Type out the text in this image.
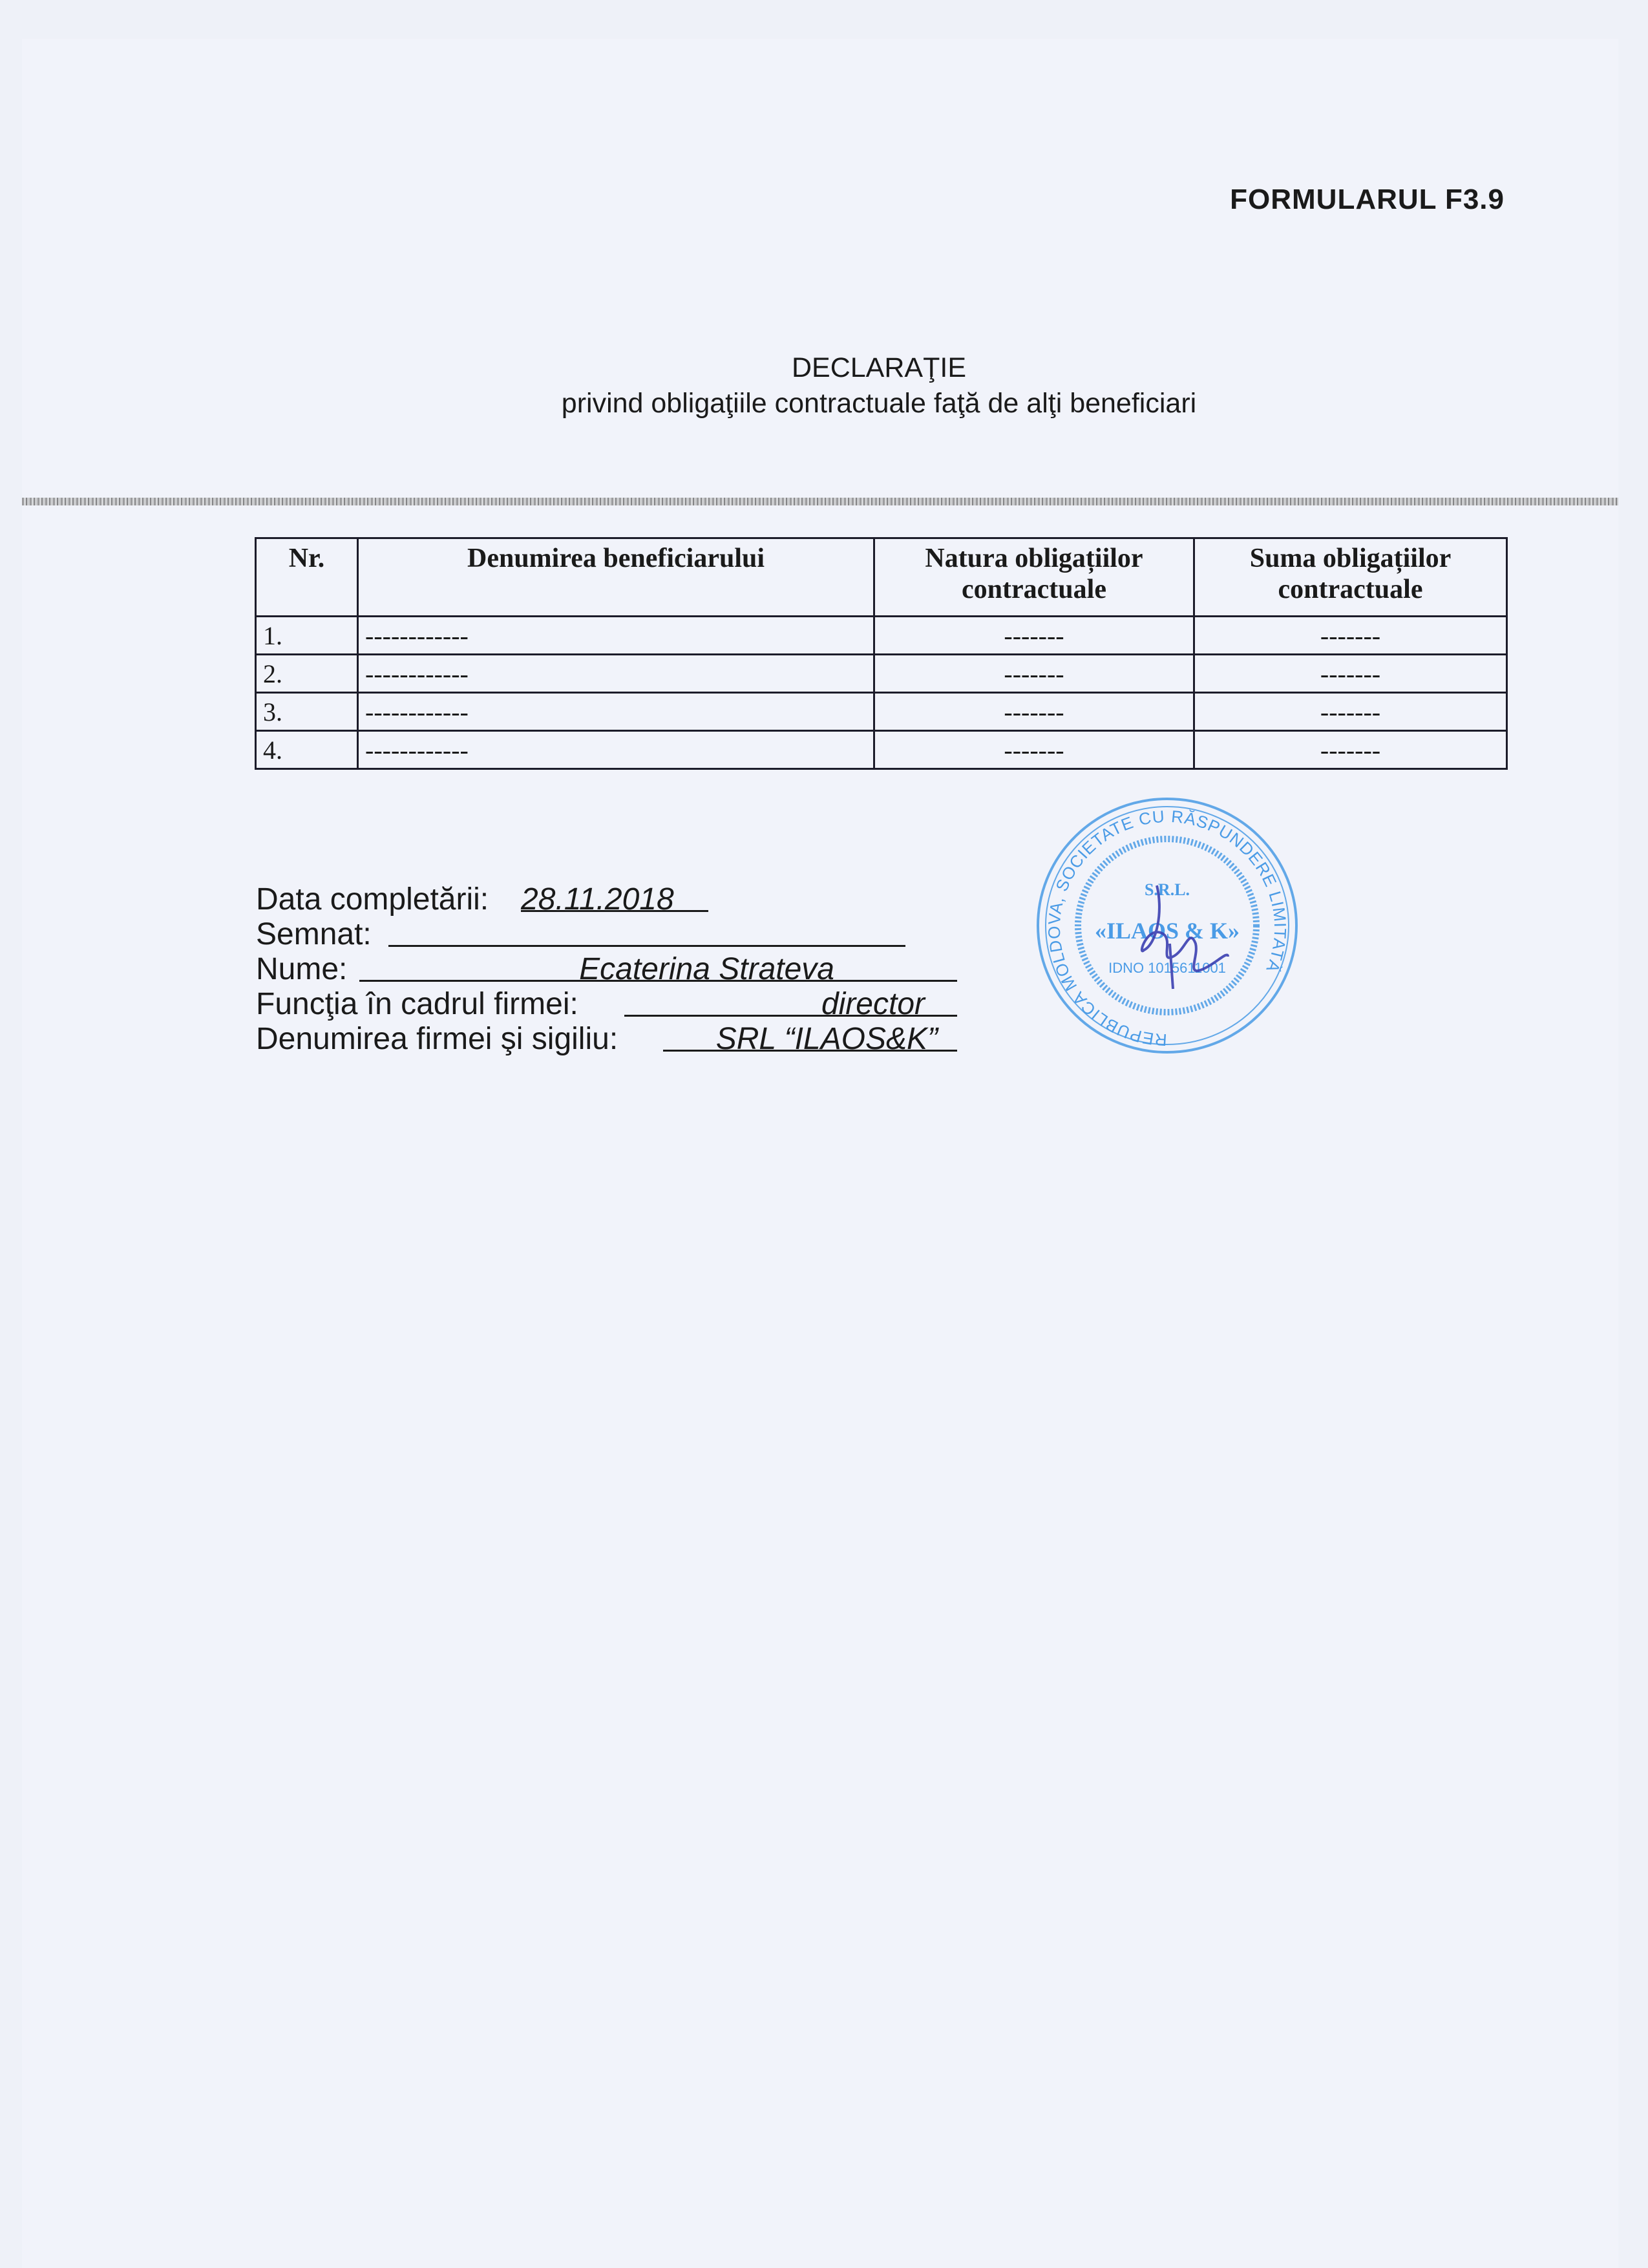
FORMULARUL F3.9
DECLARAŢIE
privind obligaţiile contractuale faţă de alţi beneficiari
Nr.	Denumirea beneficiarului	Natura obligațiilor contractuale	Suma obligațiilor contractuale
1.	------------	-------	-------
2.	------------	-------	-------
3.	------------	-------	-------
4.	------------	-------	-------
REPUBLICA MOLDOVA, SOCIETATE CU RĂSPUNDERE LIMITATĂ
S.R.L.
«ILAOS & K»
IDNO 1015611001
Data completării: 28.11.2018
Semnat:
Nume:	Ecaterina Strateva
Funcţia în cadrul firmei:	director
Denumirea firmei şi sigiliu:	SRL “ILAOS&K”
